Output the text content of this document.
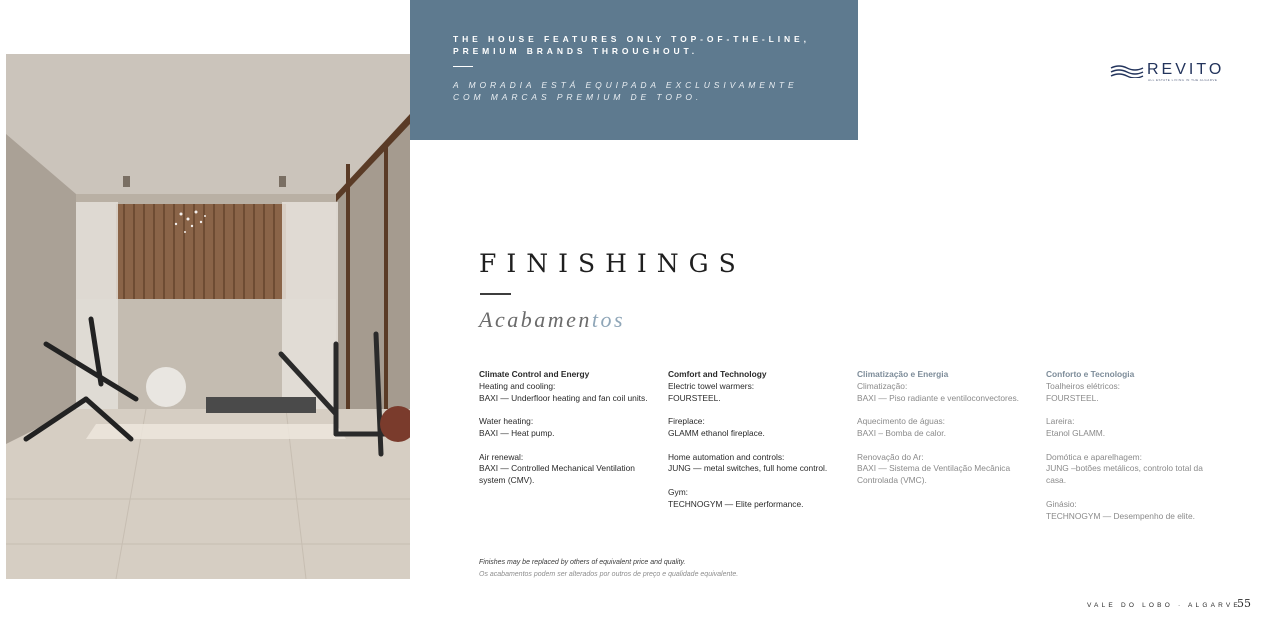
THE HOUSE FEATURES ONLY TOP-OF-THE-LINE, PREMIUM BRANDS THROUGHOUT.
A MORADIA ESTÁ EQUIPADA EXCLUSIVAMENTE COM MARCAS PREMIUM DE TOPO.
REVITO
ALL ESTATE LIVING IN THE ALGARVE
FINISHINGS
Acabamentos
Climate Control and Energy
Heating and cooling:
BAXI — Underfloor heating and fan coil units.
Water heating:
BAXI — Heat pump.
Air renewal:
BAXI — Controlled Mechanical Ventilation system (CMV).
Comfort and Technology
Electric towel warmers:
FOURSTEEL.
Fireplace:
GLAMM ethanol fireplace.
Home automation and controls:
JUNG — metal switches, full home control.
Gym:
TECHNOGYM — Elite performance.
Climatização e Energia
Climatização:
BAXI — Piso radiante e ventiloconvectores.
Aquecimento de águas:
BAXI – Bomba de calor.
Renovação do Ar:
BAXI — Sistema de Ventilação Mecânica Controlada (VMC).
Conforto e Tecnologia
Toalheiros elétricos:
FOURSTEEL.
Lareira:
Etanol GLAMM.
Domótica e aparelhagem:
JUNG –botões metálicos, controlo total da casa.
Ginásio:
TECHNOGYM — Desempenho de elite.
Finishes may be replaced by others of equivalent price and quality.
Os acabamentos podem ser alterados por outros de preço e qualidade equivalente.
VALE DO LOBO · ALGARVE
55
